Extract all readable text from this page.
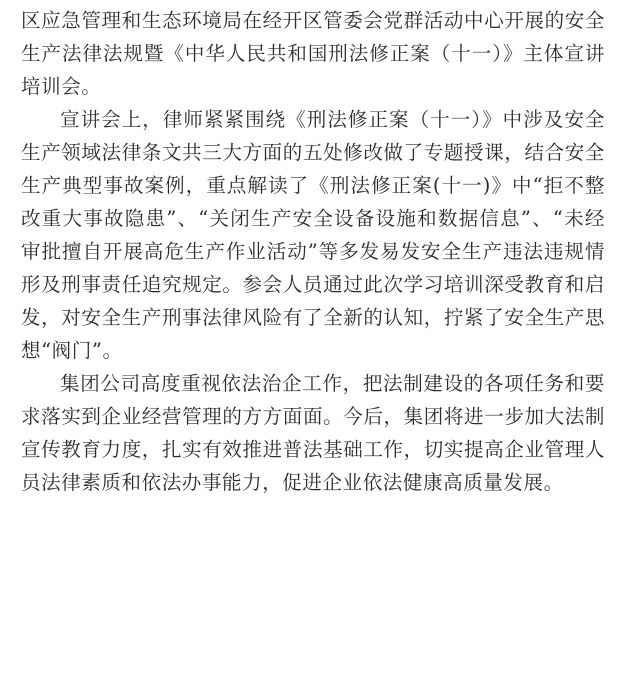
区应急管理和生态环境局在经开区管委会党群活动中心开展的安全生产法律法规暨《中华人民共和国刑法修正案（十一）》主体宣讲培训会。

宣讲会上，律师紧紧围绕《刑法修正案（十一）》中涉及安全生产领域法律条文共三大方面的五处修改做了专题授课，结合安全生产典型事故案例，重点解读了《刑法修正案(十一)》中“拒不整改重大事故隐患”、“关闭生产安全设备设施和数据信息”、“未经审批擅自开展高危生产作业活动”等多发易发安全生产违法违规情形及刑事责任追究规定。参会人员通过此次学习培训深受教育和启发，对安全生产刑事法律风险有了全新的认知，拧紧了安全生产思想“阀门”。

集团公司高度重视依法治企工作，把法制建设的各项任务和要求落实到企业经营管理的方方面面。今后，集团将进一步加大法制宣传教育力度，扎实有效推进普法基础工作，切实提高企业管理人员法律素质和依法办事能力，促进企业依法健康高质量发展。
